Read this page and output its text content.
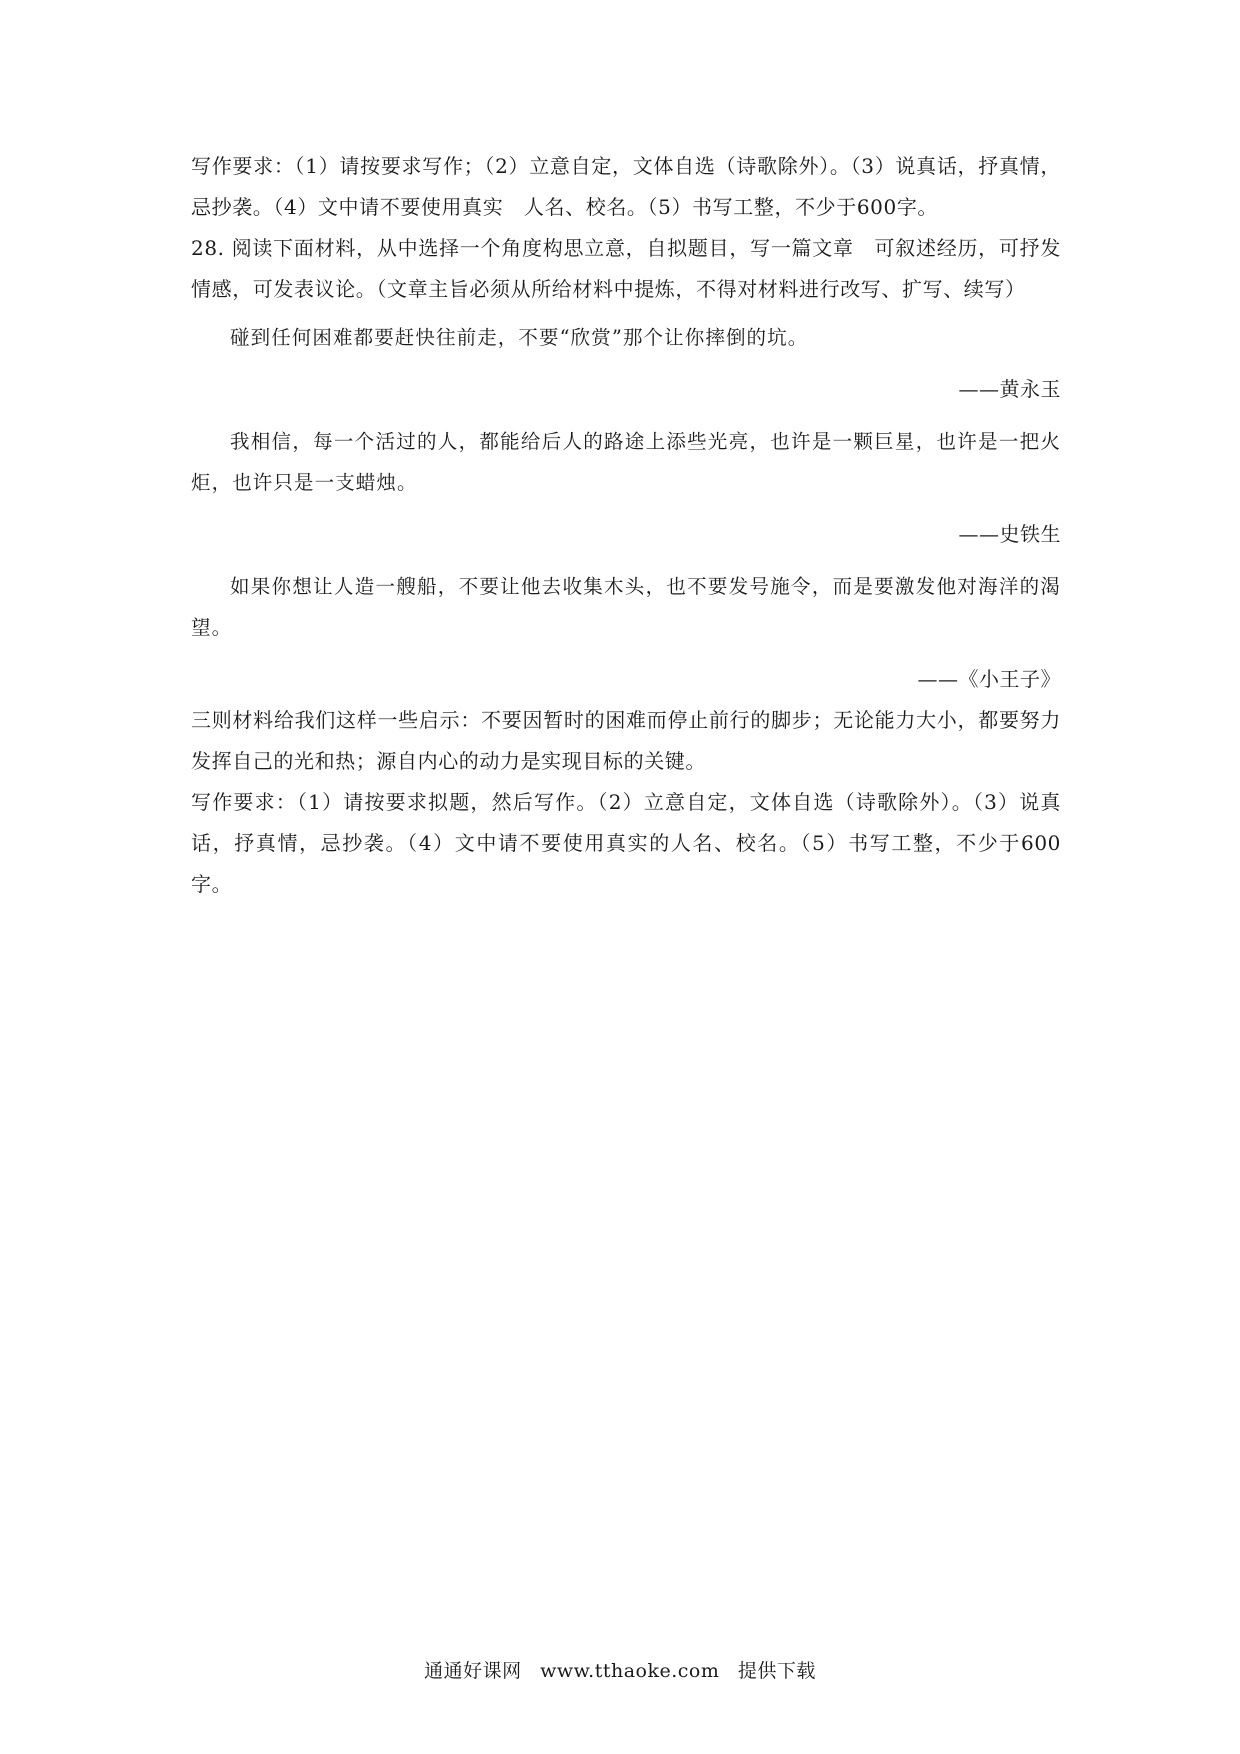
写作要求：（1）请按要求写作；（2）立意自定，文体自选（诗歌除外）。（3）说真话，抒真情，忌抄袭。（4）文中请不要使用真实　人名、校名。（5）书写工整，不少于600字。

28. 阅读下面材料，从中选择一个角度构思立意，自拟题目，写一篇文章　可叙述经历，可抒发情感，可发表议论。（文章主旨必须从所给材料中提炼，不得对材料进行改写、扩写、续写）

碰到任何困难都要赶快往前走，不要“欣赏”那个让你摔倒的坑。

——黄永玉

我相信，每一个活过的人，都能给后人的路途上添些光亮，也许是一颗巨星，也许是一把火炬，也许只是一支蜡烛。

——史铁生

如果你想让人造一艘船，不要让他去收集木头，也不要发号施令，而是要激发他对海洋的渴望。

——《小王子》

三则材料给我们这样一些启示：不要因暂时的困难而停止前行的脚步；无论能力大小，都要努力发挥自己的光和热；源自内心的动力是实现目标的关键。

写作要求：（1）请按要求拟题，然后写作。（2）立意自定，文体自选（诗歌除外）。（3）说真话，抒真情，忌抄袭。（4）文中请不要使用真实的人名、校名。（5）书写工整，不少于600字。

通通好课网 www.tthaoke.com 提供下载
